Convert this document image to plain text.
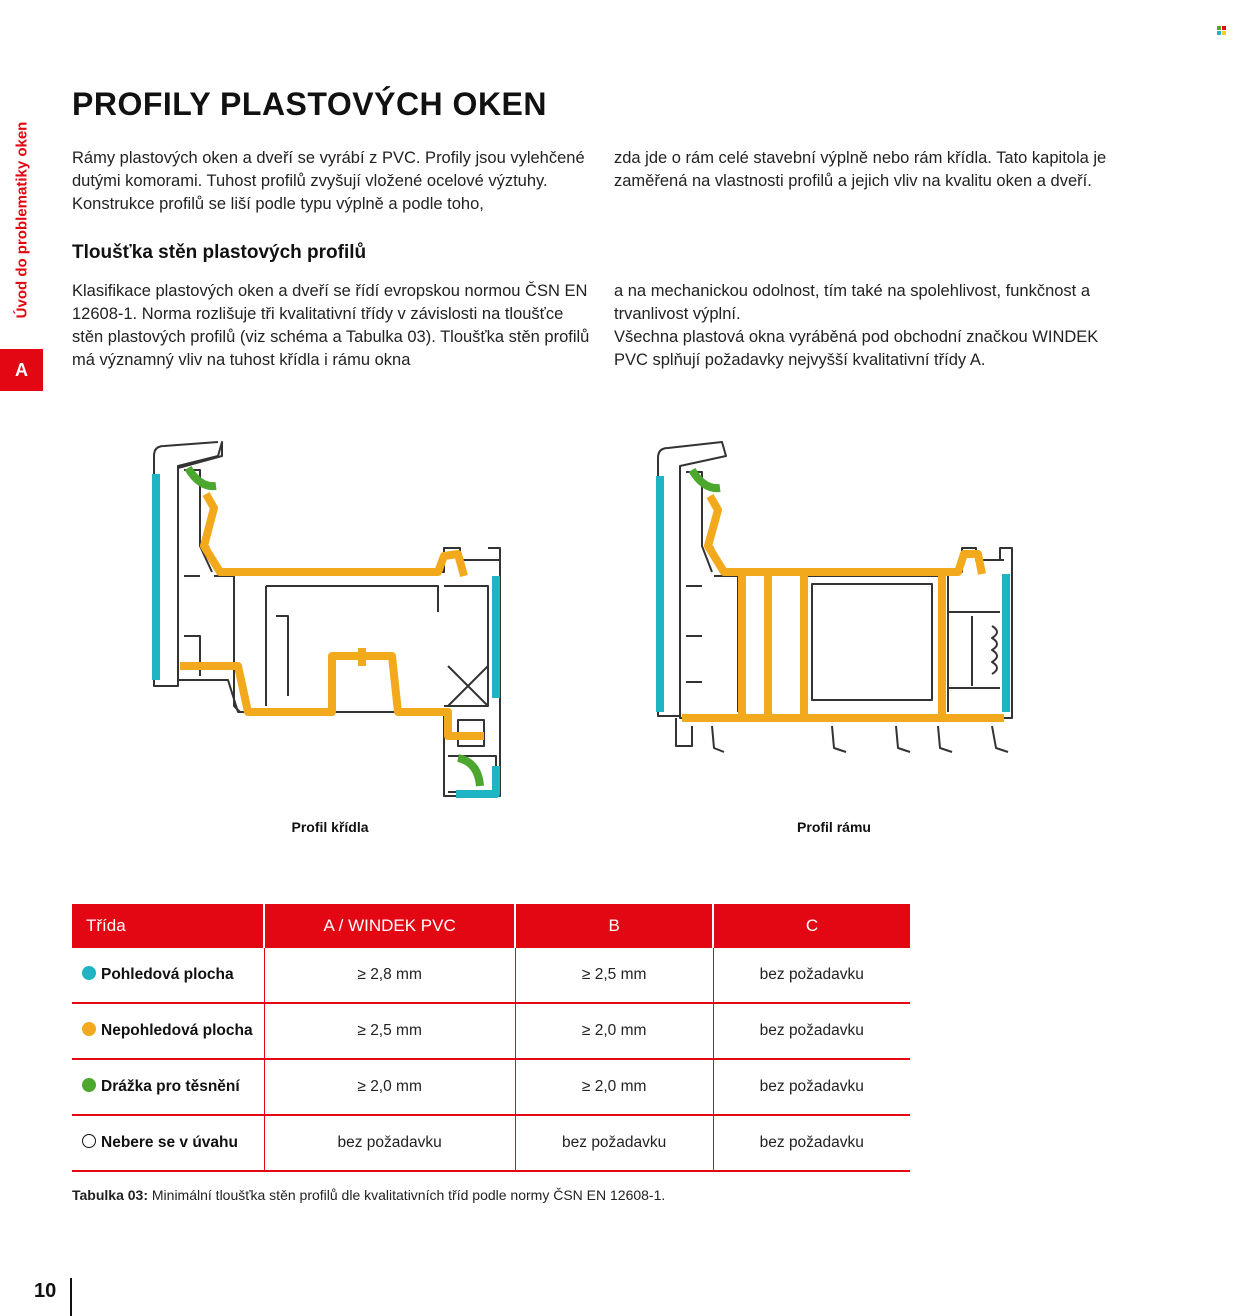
Úvod do problematiky oken
A
PROFILY PLASTOVÝCH OKEN

Rámy plastových oken a dveří se vyrábí z PVC. Profily jsou vylehčené dutými komorami. Tuhost profilů zvyšují vložené ocelové výztuhy. Konstrukce profilů se liší podle typu výplně a podle toho,

zda jde o rám celé stavební výplně nebo rám křídla. Tato kapitola je zaměřená na vlastnosti profilů a jejich vliv na kvalitu oken a dveří.

Tloušťka stěn plastových profilů

Klasifikace plastových oken a dveří se řídí evropskou normou ČSN EN 12608-1. Norma rozlišuje tři kvalitativní třídy v závislosti na tloušťce stěn plastových profilů (viz schéma a Tabulka 03). Tloušťka stěn profilů má významný vliv na tuhost křídla i rámu okna

a na mechanickou odolnost, tím také na spolehlivost, funkčnost a trvanlivost výplní.

Všechna plastová okna vyráběná pod obchodní značkou WINDEK PVC splňují požadavky nejvyšší kvalitativní třídy A.

Profil křídla	Profil rámu
Třída	A / WINDEK PVC	B	C
Pohledová plocha	≥ 2,8 mm	≥ 2,5 mm	bez požadavku
Nepohledová plocha	≥ 2,5 mm	≥ 2,0 mm	bez požadavku
Drážka pro těsnění	≥ 2,0 mm	≥ 2,0 mm	bez požadavku
Nebere se v úvahu	bez požadavku	bez požadavku	bez požadavku
Tabulka 03: Minimální tloušťka stěn profilů dle kvalitativních tříd podle normy ČSN EN 12608-1.
10
